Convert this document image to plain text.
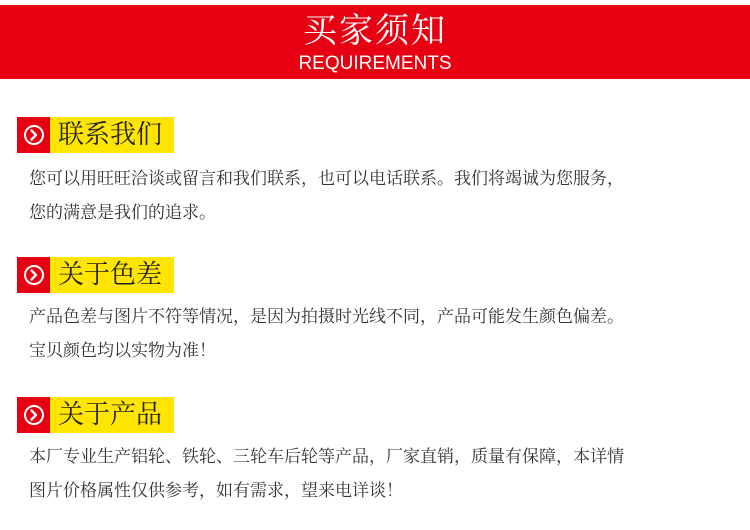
买家须知
REQUIREMENTS
联系我们
您可以用旺旺洽谈或留言和我们联系，也可以电话联系。我们将竭诚为您服务，
您的满意是我们的追求。
关于色差
产品色差与图片不符等情况，是因为拍摄时光线不同，产品可能发生颜色偏差。
宝贝颜色均以实物为准！
关于产品
本厂专业生产铝轮、铁轮、三轮车后轮等产品，厂家直销，质量有保障，本详情
图片价格属性仅供参考，如有需求，望来电详谈！
